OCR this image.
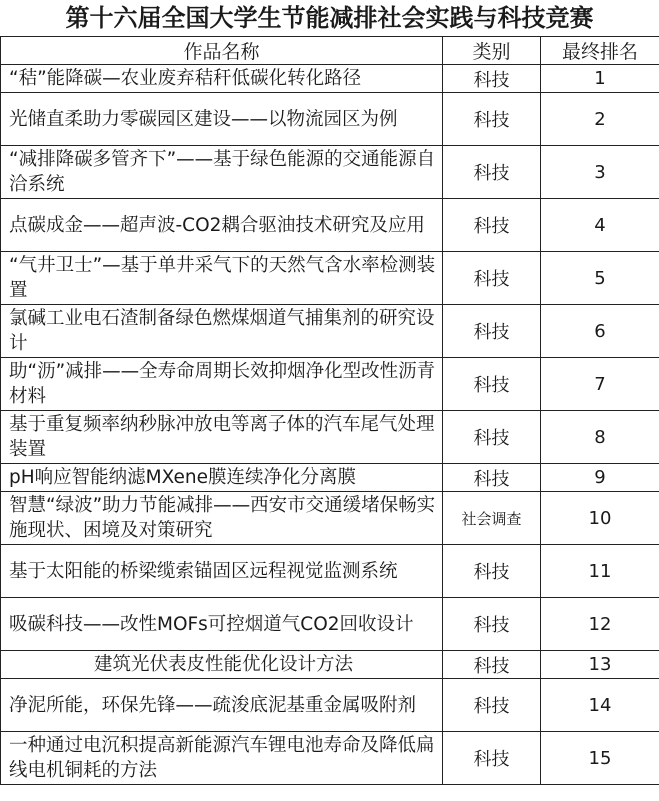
第十六届全国大学生节能减排社会实践与科技竞赛
作品名称	类别	最终排名
“秸”能降碳—农业废弃秸秆低碳化转化路径	科技	1
光储直柔助力零碳园区建设——以物流园区为例	科技	2
“减排降碳多管齐下”——基于绿色能源的交通能源自洽系统	科技	3
点碳成金——超声波-CO2耦合驱油技术研究及应用	科技	4
“气井卫士”—基于单井采气下的天然气含水率检测装置	科技	5
氯碱工业电石渣制备绿色燃煤烟道气捕集剂的研究设计	科技	6
助“沥”减排——全寿命周期长效抑烟净化型改性沥青材料	科技	7
基于重复频率纳秒脉冲放电等离子体的汽车尾气处理装置	科技	8
pH响应智能纳滤MXene膜连续净化分离膜	科技	9
智慧“绿波”助力节能减排——西安市交通缓堵保畅实施现状、困境及对策研究	社会调查	10
基于太阳能的桥梁缆索锚固区远程视觉监测系统	科技	11
吸碳科技——改性MOFs可控烟道气CO2回收设计	科技	12
建筑光伏表皮性能优化设计方法	科技	13
净泥所能，环保先锋——疏浚底泥基重金属吸附剂	科技	14
一种通过电沉积提高新能源汽车锂电池寿命及降低扁线电机铜耗的方法	科技	15
